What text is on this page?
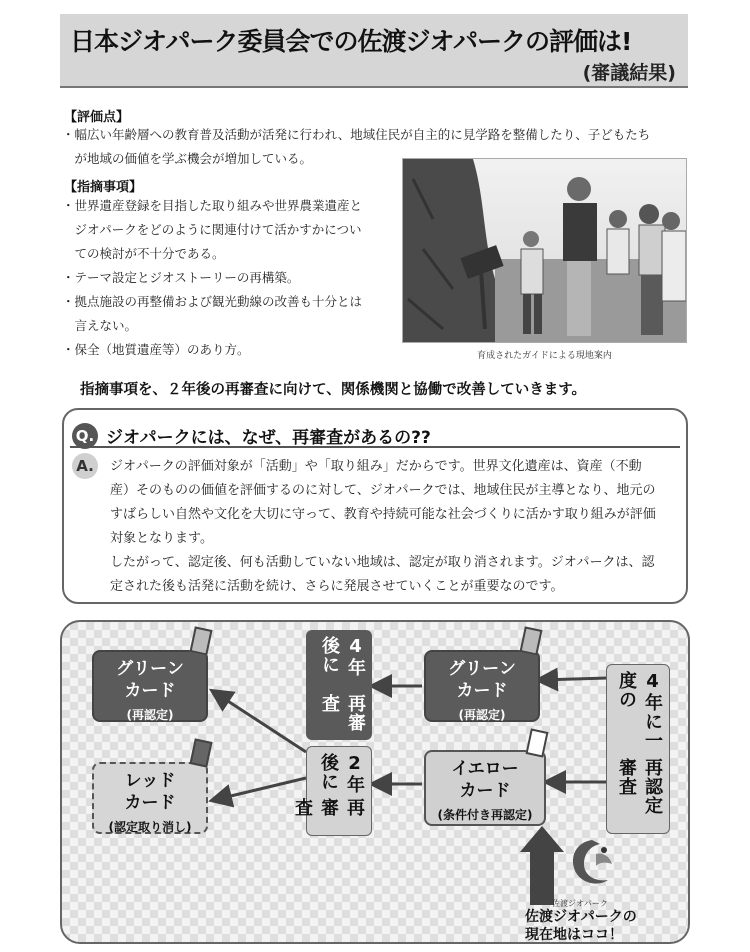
日本ジオパーク委員会での佐渡ジオパークの評価は!
(審議結果)
【評価点】
・幅広い年齢層への教育普及活動が活発に行われ、地域住民が自主的に見学路を整備したり、子どもたち
　が地域の価値を学ぶ機会が増加している。
【指摘事項】
・世界遺産登録を目指した取り組みや世界農業遺産と
　ジオパークをどのように関連付けて活かすかについ
　ての検討が不十分である。
・テーマ設定とジオストーリーの再構築。
・拠点施設の再整備および観光動線の改善も十分とは
　言えない。
・保全（地質遺産等）のあり方。	育成されたガイドによる現地案内
指摘事項を、２年後の再審査に向けて、関係機関と協働で改善していきます。
Q. ジオパークには、なぜ、再審査があるの??
A.	ジオパークの評価対象が「活動」や「取り組み」だからです。世界文化遺産は、資産（不動
産）そのものの価値を評価するのに対して、ジオパークでは、地域住民が主導となり、地元の
すばらしい自然や文化を大切に守って、教育や持続可能な社会づくりに活かす取り組みが評価
対象となります。
したがって、認定後、何も活動していない地域は、認定が取り消されます。ジオパークは、認
定された後も活発に活動を続け、さらに発展させていくことが重要なのです。
グリーン
カード
(再認定)
レッド
カード
(認定取り消し)
グリーン
カード
(再認定)
イエロー
カード
(条件付き再認定)
4年後に
再審査
2年後に
再審査
4年に一度の
再認定審査
佐渡ジオパーク
佐渡ジオパークの
現在地はココ！
